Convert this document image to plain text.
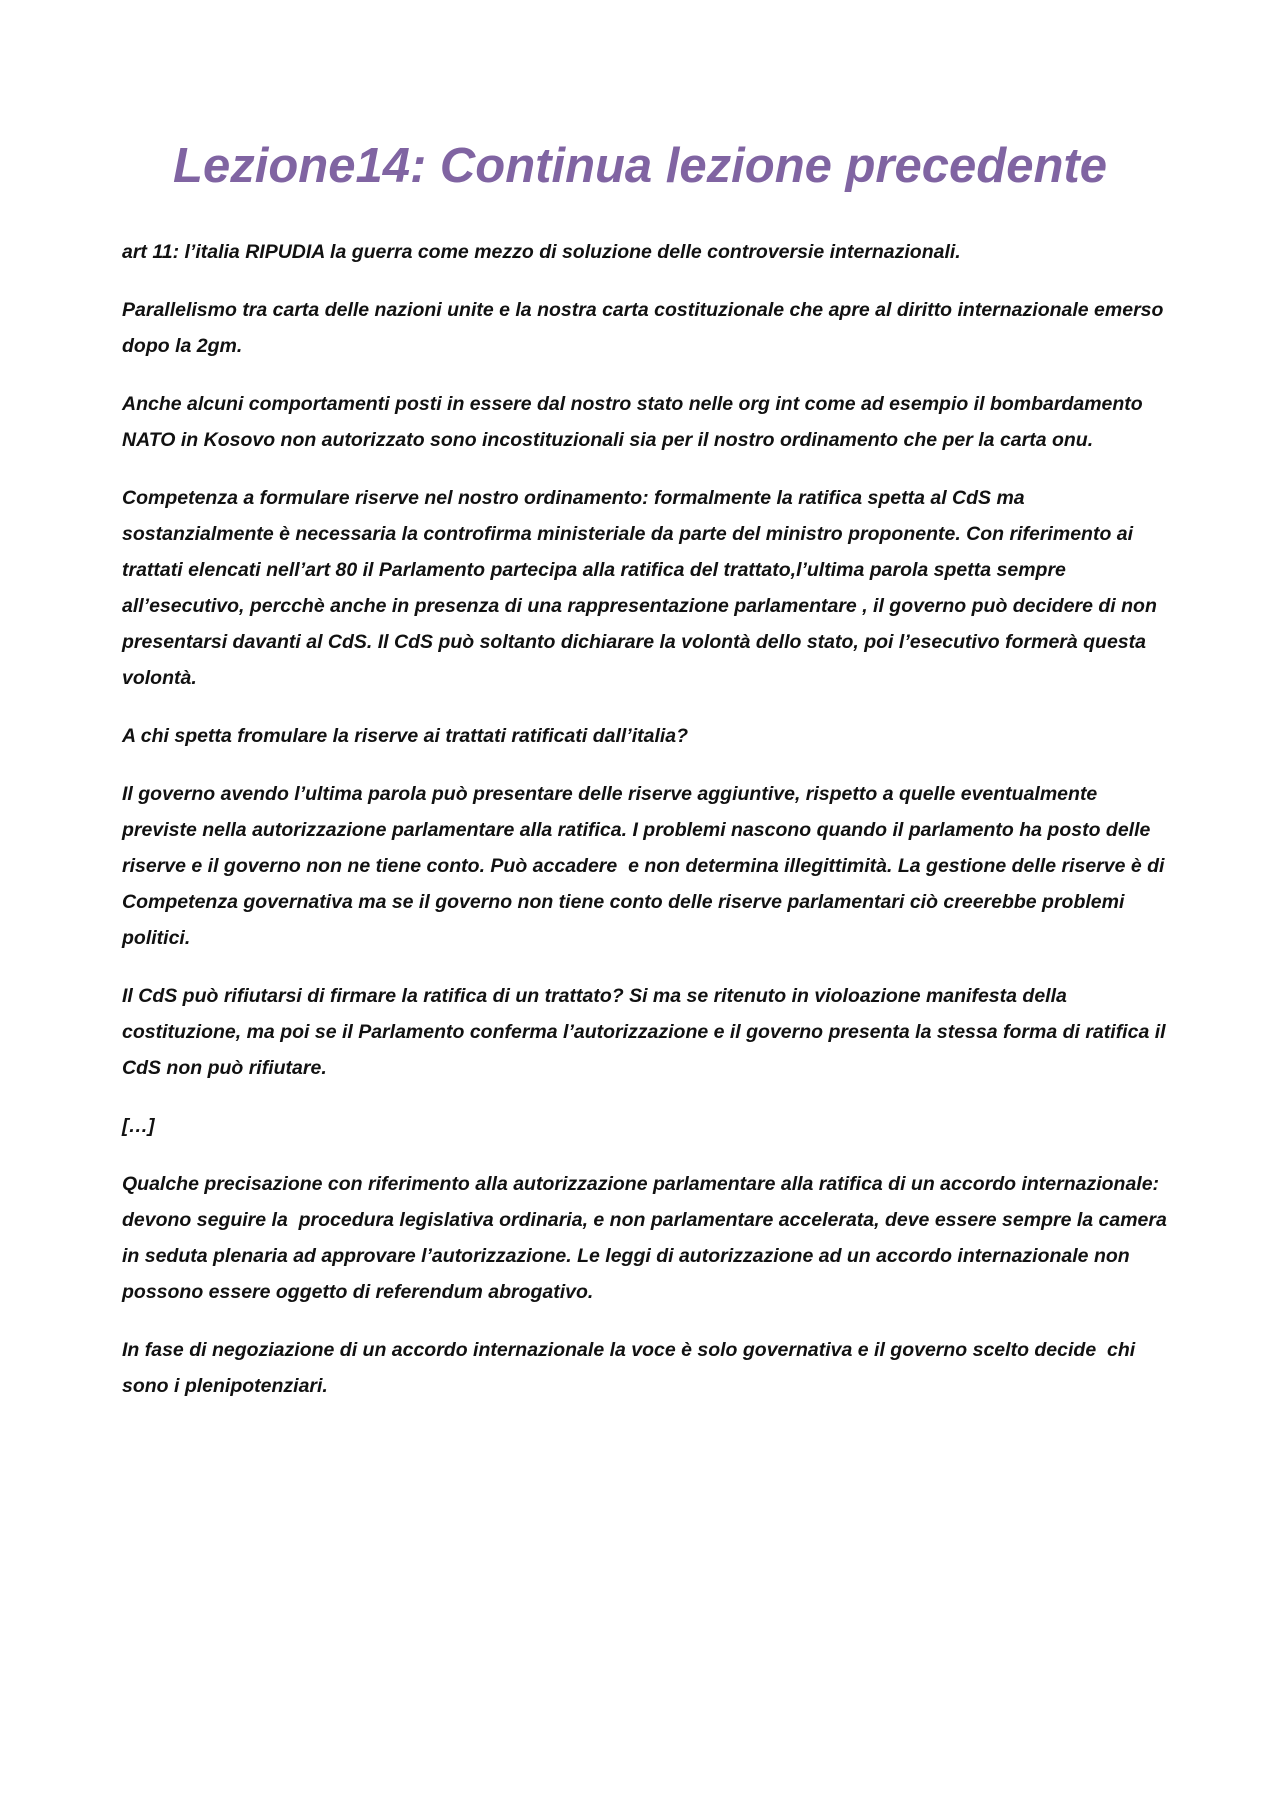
Lezione14: Continua lezione precedente

art 11: l’italia RIPUDIA la guerra come mezzo di soluzione delle controversie internazionali.

Parallelismo tra carta delle nazioni unite e la nostra carta costituzionale che apre al diritto internazionale emerso dopo la 2gm.

Anche alcuni comportamenti posti in essere dal nostro stato nelle org int come ad esempio il bombardamento NATO in Kosovo non autorizzato sono incostituzionali sia per il nostro ordinamento che per la carta onu.

Competenza a formulare riserve nel nostro ordinamento: formalmente la ratifica spetta al CdS ma sostanzialmente è necessaria la controfirma ministeriale da parte del ministro proponente. Con riferimento ai trattati elencati nell’art 80 il Parlamento partecipa alla ratifica del trattato,l’ultima parola spetta sempre all’esecutivo, percchè anche in presenza di una rappresentazione parlamentare , il governo può decidere di non presentarsi davanti al CdS. Il CdS può soltanto dichiarare la volontà dello stato, poi l’esecutivo formerà questa volontà.

A chi spetta fromulare la riserve ai trattati ratificati dall’italia?

Il governo avendo l’ultima parola può presentare delle riserve aggiuntive, rispetto a quelle eventualmente previste nella autorizzazione parlamentare alla ratifica. I problemi nascono quando il parlamento ha posto delle riserve e il governo non ne tiene conto. Può accadere  e non determina illegittimità. La gestione delle riserve è di Competenza governativa ma se il governo non tiene conto delle riserve parlamentari ciò creerebbe problemi politici.

Il CdS può rifiutarsi di firmare la ratifica di un trattato? Si ma se ritenuto in violoazione manifesta della costituzione, ma poi se il Parlamento conferma l’autorizzazione e il governo presenta la stessa forma di ratifica il CdS non può rifiutare.

[…]

Qualche precisazione con riferimento alla autorizzazione parlamentare alla ratifica di un accordo internazionale: devono seguire la  procedura legislativa ordinaria, e non parlamentare accelerata, deve essere sempre la camera in seduta plenaria ad approvare l’autorizzazione. Le leggi di autorizzazione ad un accordo internazionale non possono essere oggetto di referendum abrogativo.

In fase di negoziazione di un accordo internazionale la voce è solo governativa e il governo scelto decide  chi sono i plenipotenziari.
